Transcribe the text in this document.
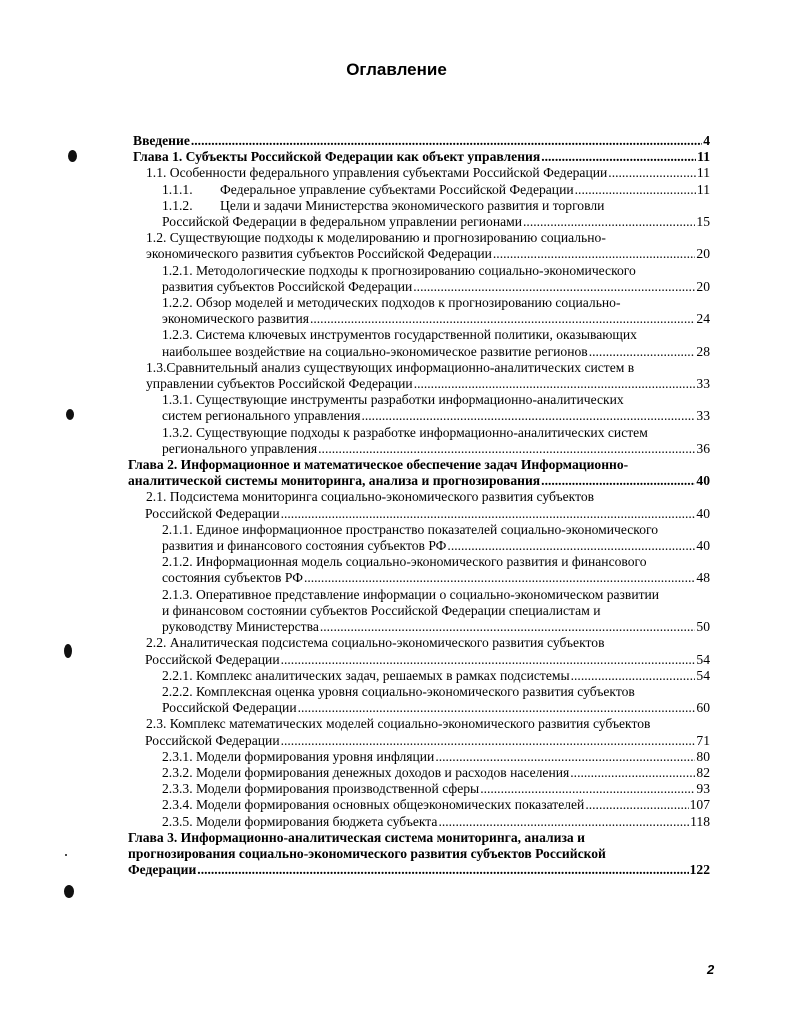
Оглавление
Введение .....	4
Глава 1. Субъекты Российской Федерации как объект управления .....	11
1.1. Особенности федерального управления субъектами Российской Федерации .....	11
1.1.1. Федеральное управление субъектами Российской Федерации .....	11
1.1.2. Цели и задачи Министерства экономического развития и торговли
Российской Федерации в федеральном управлении регионами .....	15
1.2. Существующие подходы к моделированию и прогнозированию социально-
экономического развития субъектов Российской Федерации .....	20
1.2.1. Методологические подходы к прогнозированию социально-экономического
развития субъектов Российской Федерации .....	20
1.2.2. Обзор моделей и методических подходов к прогнозированию социально-
экономического развития .....	24
1.2.3. Система ключевых инструментов государственной политики, оказывающих
наибольшее воздействие на социально-экономическое развитие регионов .....	28
1.3.Сравнительный анализ существующих информационно-аналитических систем в
управлении субъектов Российской Федерации .....	33
1.3.1. Существующие инструменты разработки информационно-аналитических
систем регионального управления .....	33
1.3.2. Существующие подходы к разработке информационно-аналитических систем
регионального управления .....	36
Глава 2. Информационное и математическое обеспечение задач Информационно-
аналитической системы мониторинга, анализа и прогнозирования .....	40
2.1. Подсистема мониторинга социально-экономического развития субъектов
Российской Федерации .....	40
2.1.1. Единое информационное пространство показателей социально-экономического
развития и финансового состояния субъектов РФ .....	40
2.1.2. Информационная модель социально-экономического развития и финансового
состояния субъектов РФ .....	48
2.1.3. Оперативное представление информации о социально-экономическом развитии
и финансовом состоянии субъектов Российской Федерации специалистам и
руководству Министерства .....	50
2.2. Аналитическая подсистема социально-экономического развития субъектов
Российской Федерации .....	54
2.2.1. Комплекс аналитических задач, решаемых в рамках подсистемы .....	54
2.2.2. Комплексная оценка уровня социально-экономического развития субъектов
Российской Федерации .....	60
2.3. Комплекс математических моделей социально-экономического развития субъектов
Российской Федерации .....	71
2.3.1. Модели формирования уровня инфляции .....	80
2.3.2. Модели формирования денежных доходов и расходов населения .....	82
2.3.3. Модели формирования производственной сферы .....	93
2.3.4. Модели формирования основных общеэкономических показателей .....	107
2.3.5. Модели формирования бюджета субъекта .....	118
Глава 3. Информационно-аналитическая система мониторинга, анализа и
прогнозирования социально-экономического развития субъектов Российской
Федерации .....	122
2
